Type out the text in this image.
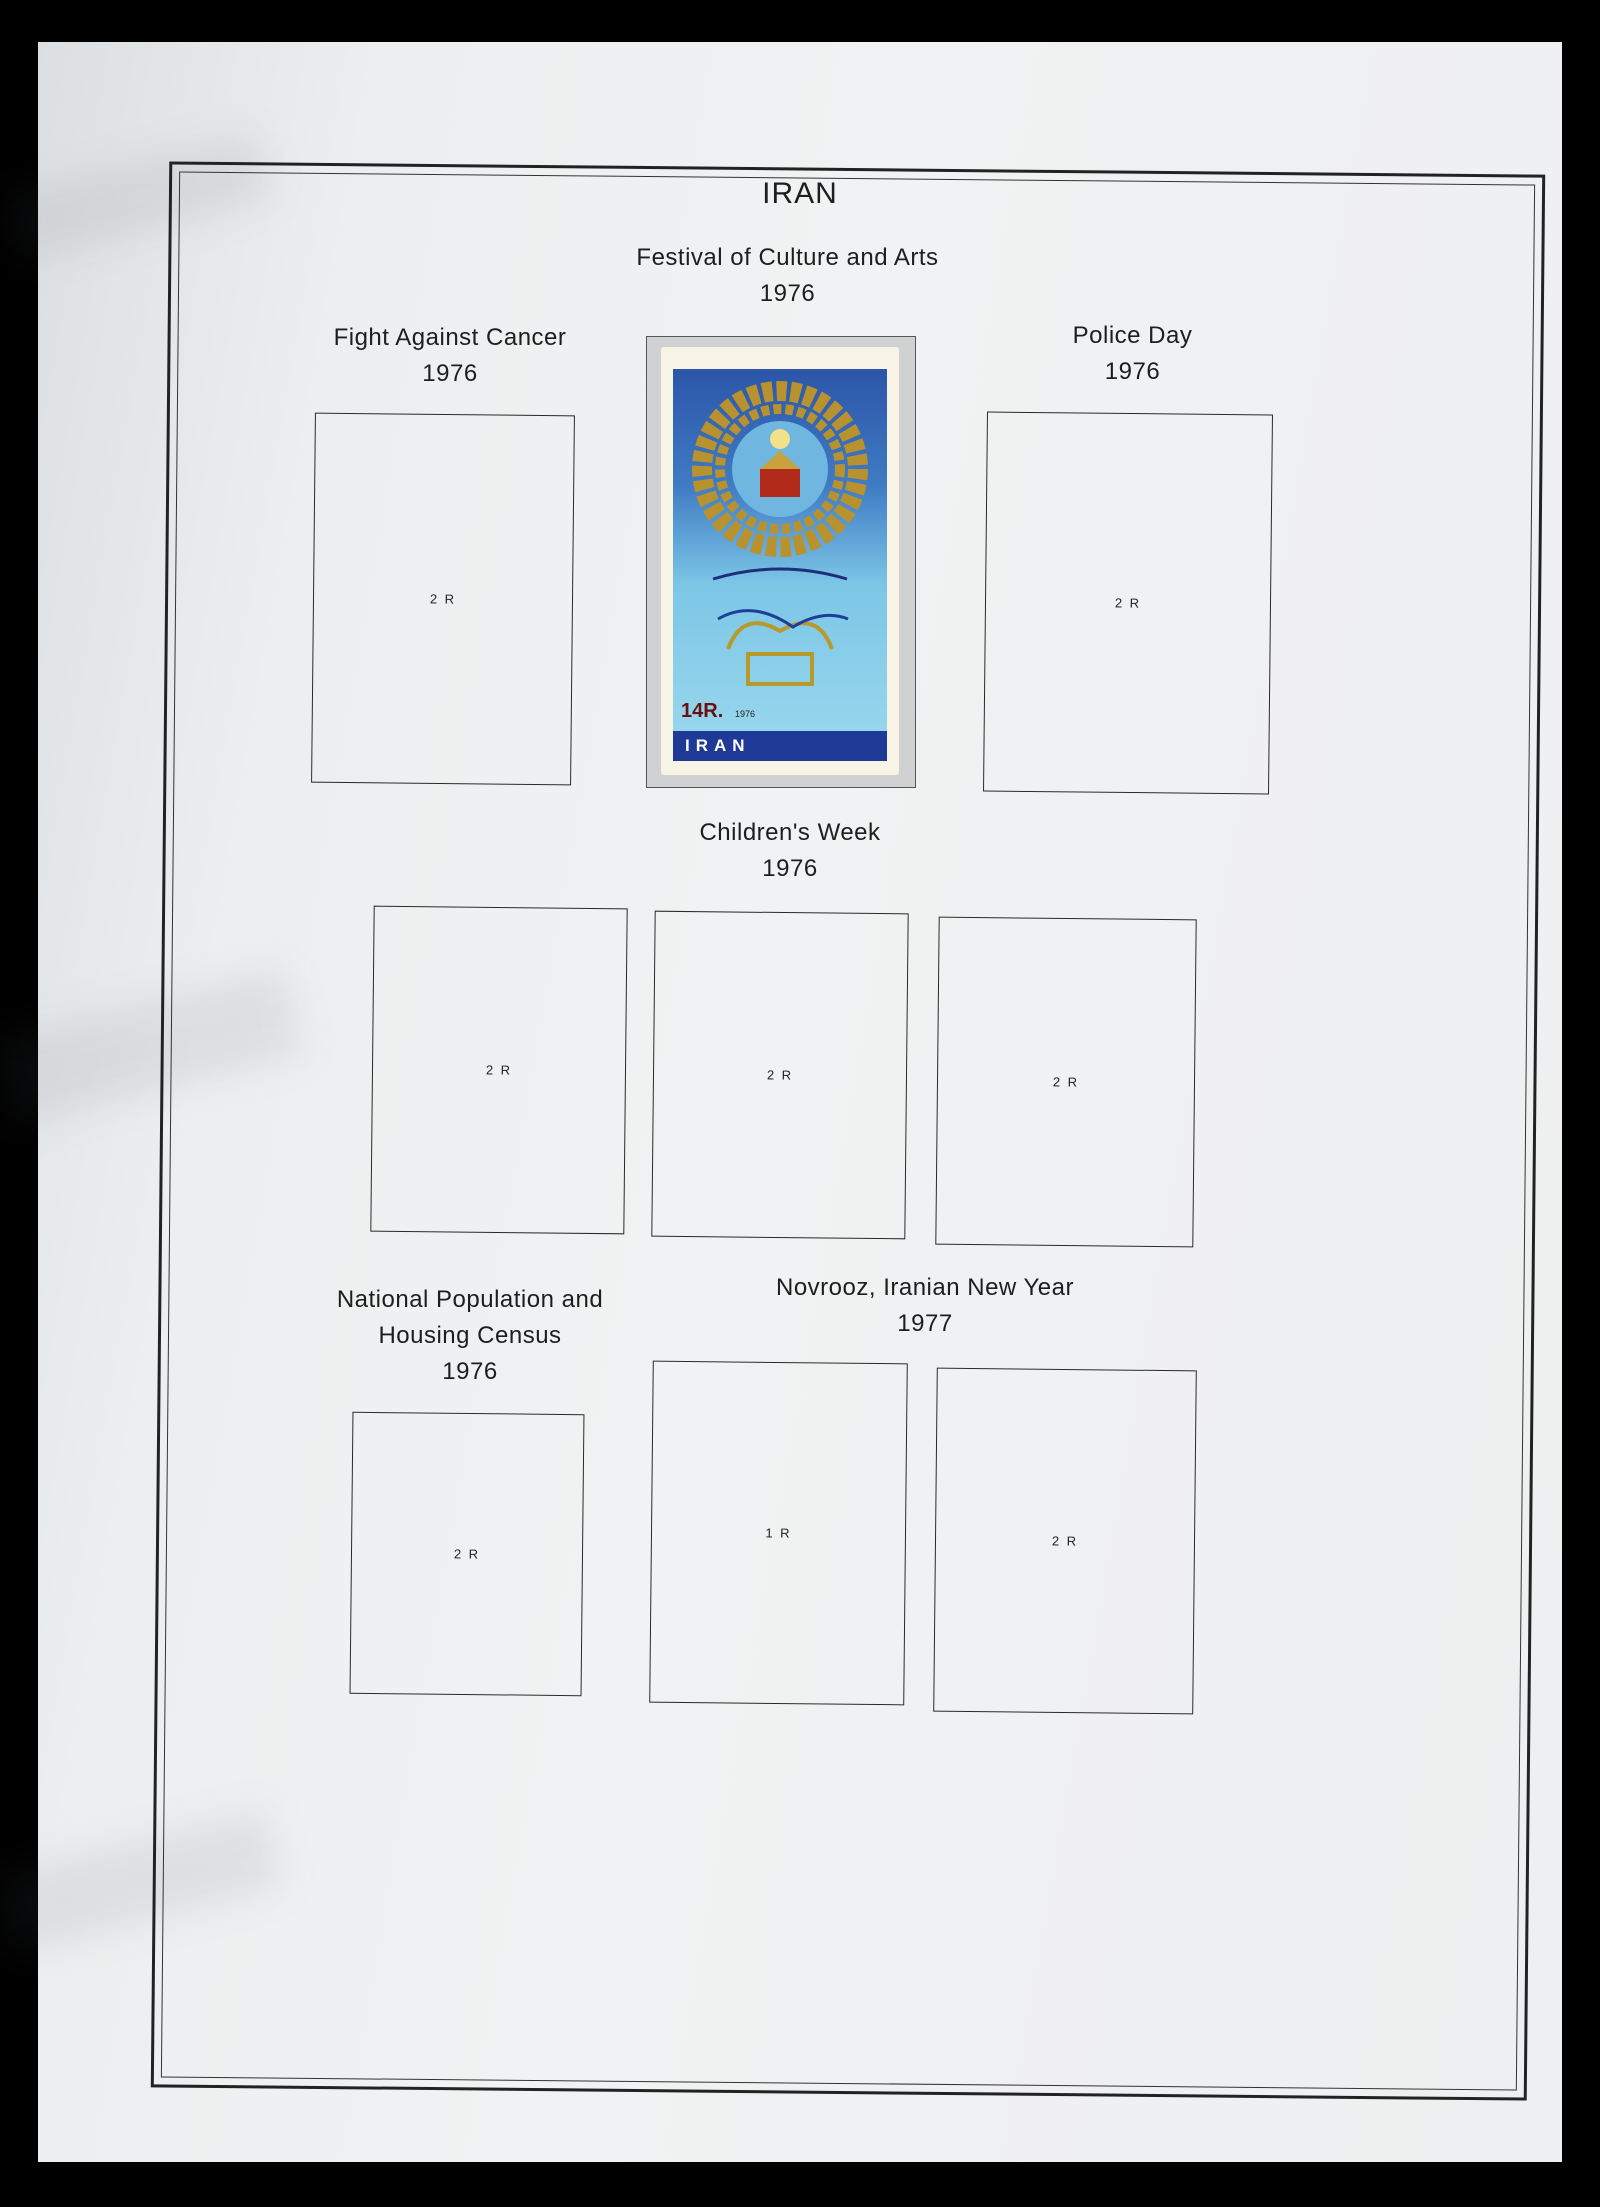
IRAN
Festival of Culture and Arts
1976
Fight Against Cancer
1976
Police Day
1976
2 R
14R. 1976
IRAN
2 R
Children's Week
1976
2 R	2 R	2 R
National Population and
Housing Census
1976
Novrooz, Iranian New Year
1977
2 R
1 R
2 R
